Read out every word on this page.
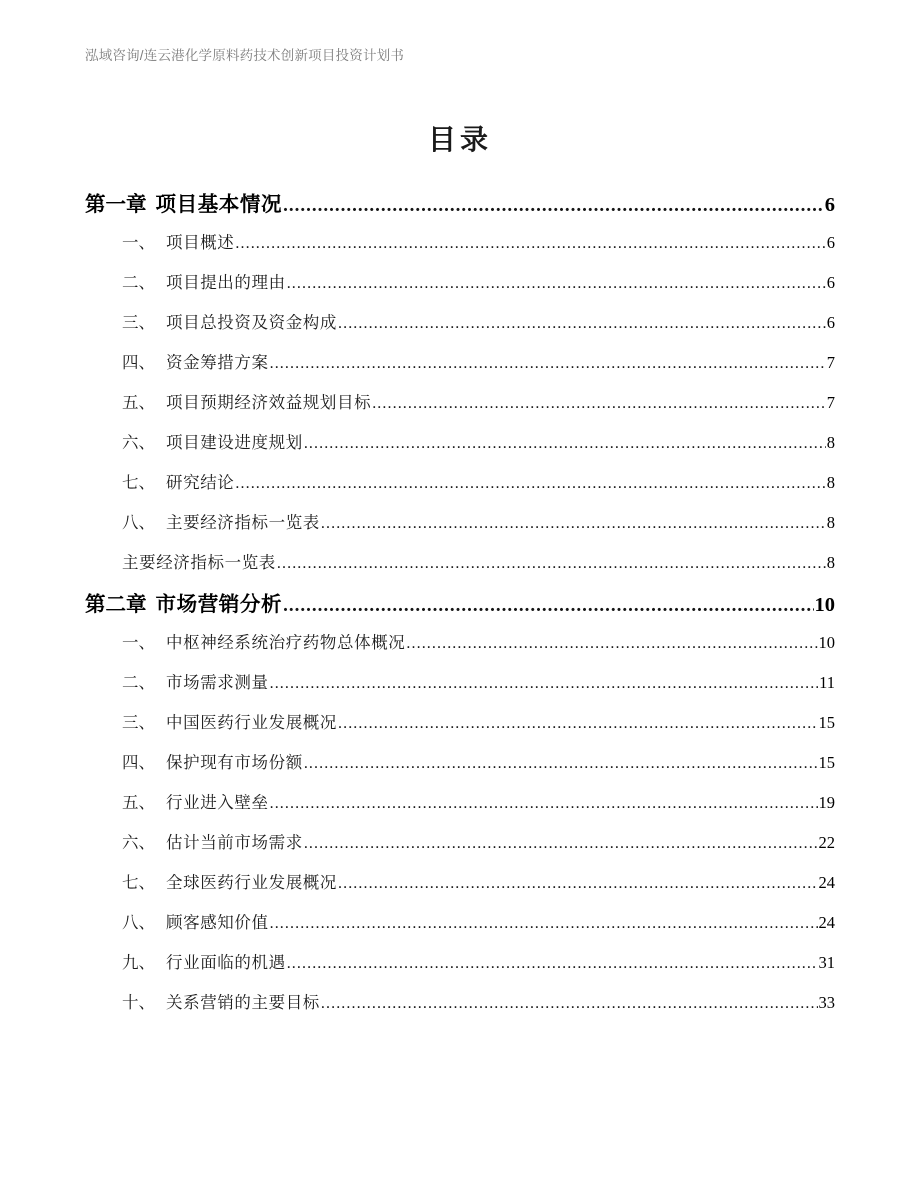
泓域咨询/连云港化学原料药技术创新项目投资计划书
目录
第一章 项目基本情况 .....	6
一、 项目概述 .....	6
二、 项目提出的理由 .....	6
三、 项目总投资及资金构成 .....	6
四、 资金筹措方案 .....	7
五、 项目预期经济效益规划目标 .....	7
六、 项目建设进度规划 .....	8
七、 研究结论 .....	8
八、 主要经济指标一览表 .....	8
主要经济指标一览表 .....	8
第二章 市场营销分析 .....	10
一、 中枢神经系统治疗药物总体概况 .....	10
二、 市场需求测量 .....	11
三、 中国医药行业发展概况 .....	15
四、 保护现有市场份额 .....	15
五、 行业进入壁垒 .....	19
六、 估计当前市场需求 .....	22
七、 全球医药行业发展概况 .....	24
八、 顾客感知价值 .....	24
九、 行业面临的机遇 .....	31
十、 关系营销的主要目标 .....	33
